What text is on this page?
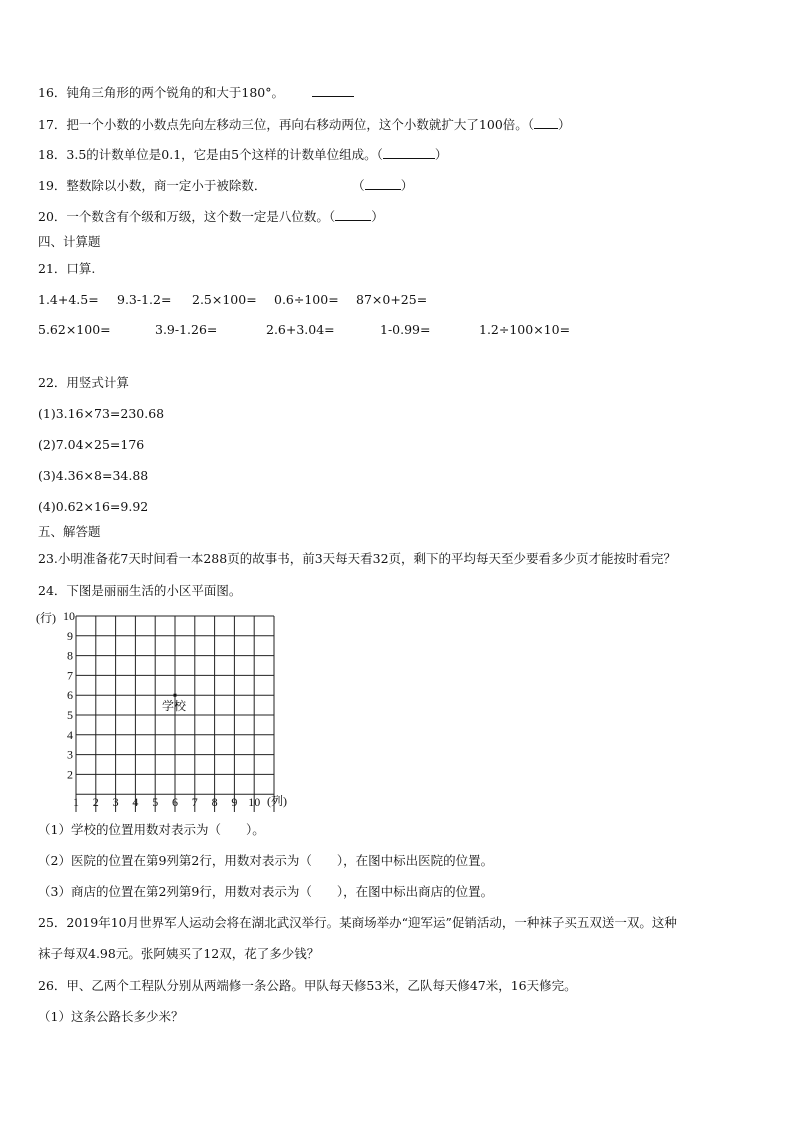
16．钝角三角形的两个锐角的和大于180°。
17．把一个小数的小数点先向左移动三位，再向右移动两位，这个小数就扩大了100倍。（ ）
18．3.5的计数单位是0.1，它是由5个这样的计数单位组成。（	）
19．整数除以小数，商一定小于被除数．	（	）
20．一个数含有个级和万级，这个数一定是八位数。（	）
四、计算题
21．口算.
1.4+4.5= 9.3-1.2= 2.5×100= 0.6÷100= 87×0+25=
5.62×100=	3.9-1.26=	2.6+3.04=	1-0.99=	1.2÷100×10=
22．用竖式计算
(1)3.16×73=230.68
(2)7.04×25=176
(3)4.36×8=34.88
(4)0.62×16=9.92
五、解答题
23.小明准备花7天时间看一本288页的故事书，前3天每天看32页，剩下的平均每天至少要看多少页才能按时看完？
24．下图是丽丽生活的小区平面图。
(行)
(列)
10
9
8
7
6
5
4
3
2
1 2 3 4 5 6 7 8 9 10
学校
（1）学校的位置用数对表示为（　　）。
（2）医院的位置在第9列第2行，用数对表示为（　　），在图中标出医院的位置。
（3）商店的位置在第2列第9行，用数对表示为（　　），在图中标出商店的位置。
25．2019年10月世界军人运动会将在湖北武汉举行。某商场举办“迎军运”促销活动，一种袜子买五双送一双。这种
袜子每双4.98元。张阿姨买了12双，花了多少钱？
26．甲、乙两个工程队分别从两端修一条公路。甲队每天修53米，乙队每天修47米，16天修完。
（1）这条公路长多少米？
